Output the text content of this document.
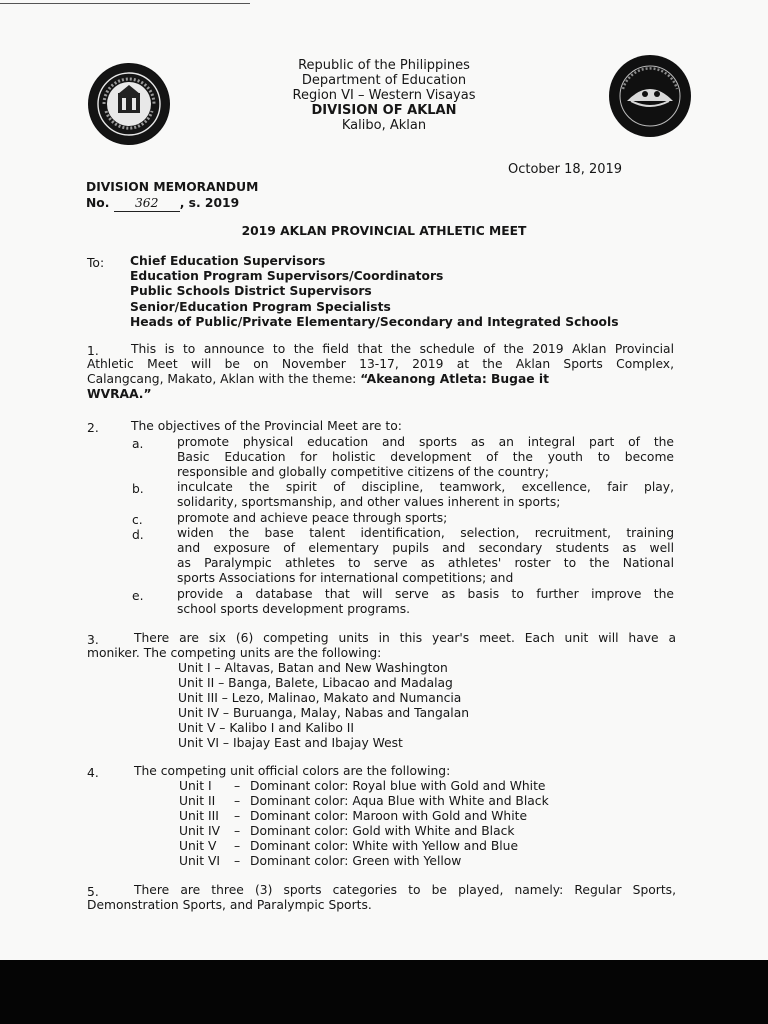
Republic of the Philippines
Department of Education
Region VI – Western Visayas
DIVISION OF AKLAN
Kalibo, Aklan
October 18, 2019
DIVISION MEMORANDUM
No. 362 , s. 2019
2019 AKLAN PROVINCIAL ATHLETIC MEET
To: Chief Education Supervisors
Education Program Supervisors/Coordinators
Public Schools District Supervisors
Senior/Education Program Specialists
Heads of Public/Private Elementary/Secondary and Integrated Schools
1.	This is to announce to the field that the schedule of the 2019 Aklan Provincial
Athletic Meet will be on November 13-17, 2019 at the Aklan Sports Complex,
Calangcang, Makato, Aklan with the theme: “Akeanong Atleta: Bugae it
WVRAA.”
2.	The objectives of the Provincial Meet are to:
a.	promote physical education and sports as an integral part of the
Basic Education for holistic development of the youth to become
responsible and globally competitive citizens of the country;
b.	inculcate the spirit of discipline, teamwork, excellence, fair play,
solidarity, sportsmanship, and other values inherent in sports;
c.	promote and achieve peace through sports;
d.	widen the base talent identification, selection, recruitment, training
and exposure of elementary pupils and secondary students as well
as Paralympic athletes to serve as athletes' roster to the National
sports Associations for international competitions; and
e.	provide a database that will serve as basis to further improve the
school sports development programs.
3.	There are six (6) competing units in this year's meet. Each unit will have a
moniker. The competing units are the following:
Unit I – Altavas, Batan and New Washington
Unit II – Banga, Balete, Libacao and Madalag
Unit III – Lezo, Malinao, Makato and Numancia
Unit IV – Buruanga, Malay, Nabas and Tangalan
Unit V – Kalibo I and Kalibo II
Unit VI – Ibajay East and Ibajay West
4.	The competing unit official colors are the following:
Unit I – Dominant color: Royal blue with Gold and White
Unit II – Dominant color: Aqua Blue with White and Black
Unit III – Dominant color: Maroon with Gold and White
Unit IV – Dominant color: Gold with White and Black
Unit V – Dominant color: White with Yellow and Blue
Unit VI – Dominant color: Green with Yellow
5.	There are three (3) sports categories to be played, namely: Regular Sports,
Demonstration Sports, and Paralympic Sports.
